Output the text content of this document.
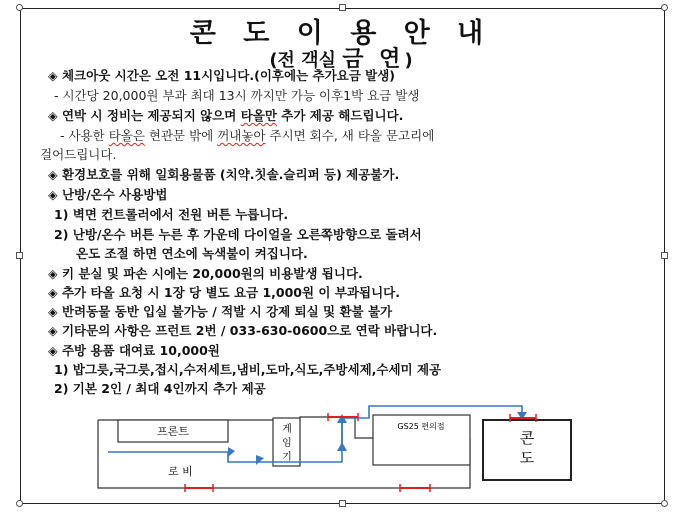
콘 도 이 용 안 내
(전 객실 금 연)
◈ 체크아웃 시간은 오전 11시입니다.(이후에는 추가요금 발생)
- 시간당 20,000원 부과 최대 13시 까지만 가능 이후1박 요금 발생
◈ 연박 시 정비는 제공되지 않으며 타올만 추가 제공 해드립니다.
- 사용한 타올은 현관문 밖에 꺼내놓아 주시면 회수, 새 타올 문고리에
걸어드립니다.
◈ 환경보호를 위해 일회용물품 (치약.칫솔.슬리퍼 등) 제공불가.
◈ 난방/온수 사용방법
1) 벽면 컨트롤러에서 전원 버튼 누릅니다.
2) 난방/온수 버튼 누른 후 가운데 다이얼을 오른쪽방향으로 돌려서
온도 조절 하면 연소에 녹색불이 켜집니다.
◈ 키 분실 및 파손 시에는 20,000원의 비용발생 됩니다.
◈ 추가 타올 요청 시 1장 당 별도 요금 1,000원 이 부과됩니다.
◈ 반려동물 동반 입실 불가능 / 적발 시 강제 퇴실 및 환불 불가
◈ 기타문의 사항은 프런트 2번 / 033-630-0600으로 연락 바랍니다.
◈ 주방 용품 대여료 10,000원
1) 밥그릇,국그릇,접시,수저세트,냄비,도마,식도,주방세제,수세미 제공
2) 기본 2인 / 최대 4인까지 추가 제공
프론트	게
임
기
GS25 편의점
콘
도
로 비
